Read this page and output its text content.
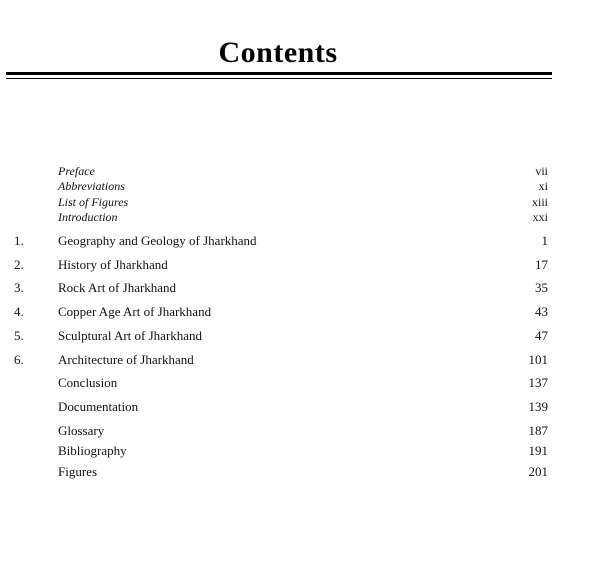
Contents
Preface	vii
Abbreviations	xi
List of Figures	xiii
Introduction	xxi
1.	Geography and Geology of Jharkhand	1
2.	History of Jharkhand	17
3.	Rock Art of Jharkhand	35
4.	Copper Age Art of Jharkhand	43
5.	Sculptural Art of Jharkhand	47
6.	Architecture of Jharkhand	101
Conclusion	137
Documentation	139
Glossary	187
Bibliography	191
Figures	201
